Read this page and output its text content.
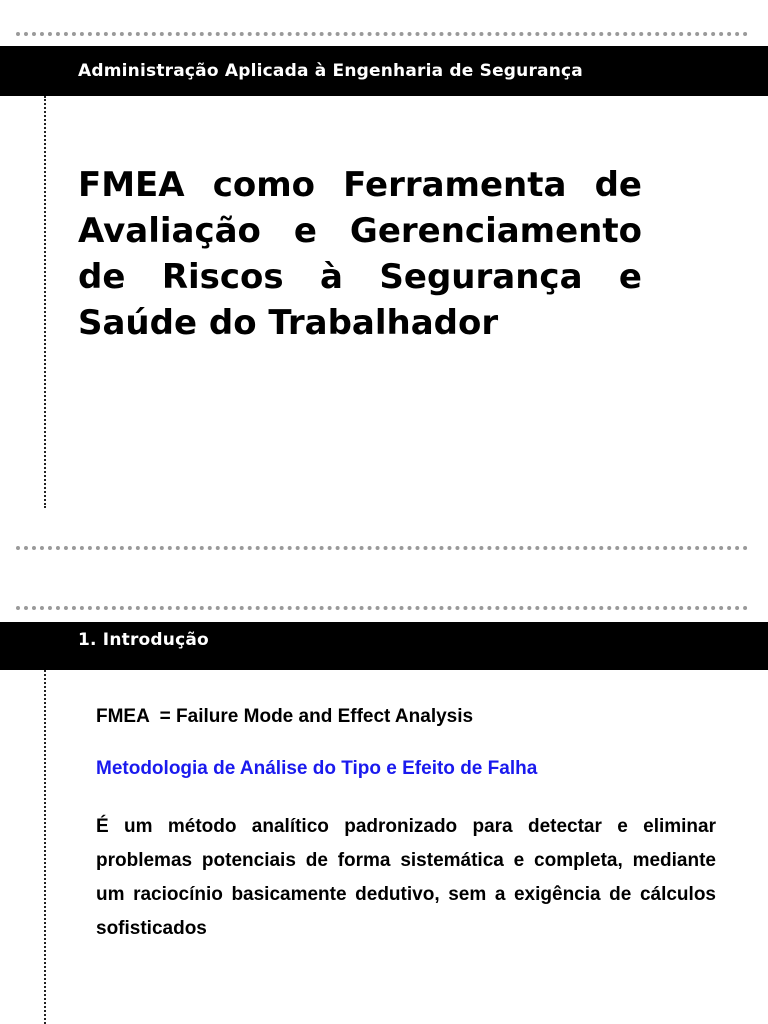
Administração Aplicada à Engenharia de Segurança
FMEA como Ferramenta de Avaliação e Gerenciamento de Riscos à Segurança e Saúde do Trabalhador
1. Introdução

FMEA  = Failure Mode and Effect Analysis

Metodologia de Análise do Tipo e Efeito de Falha

É um método analítico padronizado para detectar e eliminar problemas potenciais de forma sistemática e completa, mediante um raciocínio basicamente dedutivo, sem a exigência de cálculos sofisticados
